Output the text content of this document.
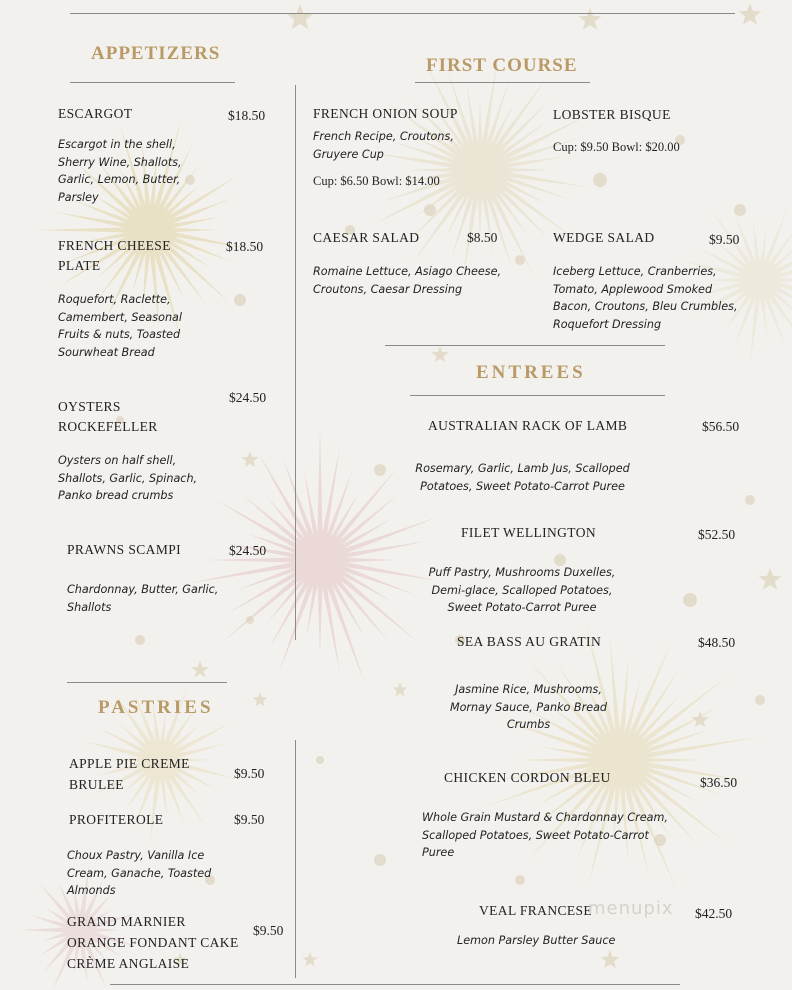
APPETIZERS
FIRST COURSE
ENTREES
PASTRIES
ESCARGOT	$18.50
Escargot in the shell, Sherry Wine, Shallots, Garlic, Lemon, Butter, Parsley
FRENCH CHEESE PLATE
$18.50
Roquefort, Raclette, Camembert, Seasonal Fruits & nuts, Toasted Sourwheat Bread
OYSTERS ROCKEFELLER
$24.50
Oysters on half shell, Shallots, Garlic, Spinach, Panko bread crumbs
PRAWNS SCAMPI	$24.50
Chardonnay, Butter, Garlic, Shallots
FRENCH ONION SOUP
French Recipe, Croutons, Gruyere Cup
Cup: $6.50 Bowl: $14.00
LOBSTER BISQUE
Cup: $9.50 Bowl: $20.00
CAESAR SALAD	$8.50
Romaine Lettuce, Asiago Cheese, Croutons, Caesar Dressing
WEDGE SALAD	$9.50
Iceberg Lettuce, Cranberries, Tomato, Applewood Smoked Bacon, Croutons, Bleu Crumbles, Roquefort Dressing
AUSTRALIAN RACK OF LAMB	$56.50
Rosemary, Garlic, Lamb Jus, Scalloped Potatoes, Sweet Potato-Carrot Puree
FILET WELLINGTON	$52.50
Puff Pastry, Mushrooms Duxelles, Demi-glace, Scalloped Potatoes, Sweet Potato-Carrot Puree
SEA BASS AU GRATIN	$48.50
Jasmine Rice, Mushrooms, Mornay Sauce, Panko Bread Crumbs
CHICKEN CORDON BLEU	$36.50
Whole Grain Mustard & Chardonnay Cream, Scalloped Potatoes, Sweet Potato-Carrot Puree
VEAL FRANCESE	$42.50
Lemon Parsley Butter Sauce
APPLE PIE CREME BRULEE
$9.50
PROFITEROLE	$9.50
Choux Pastry, Vanilla Ice Cream, Ganache, Toasted Almonds
GRAND MARNIER ORANGE FONDANT CAKE CRÈME ANGLAISE
$9.50
menupix
